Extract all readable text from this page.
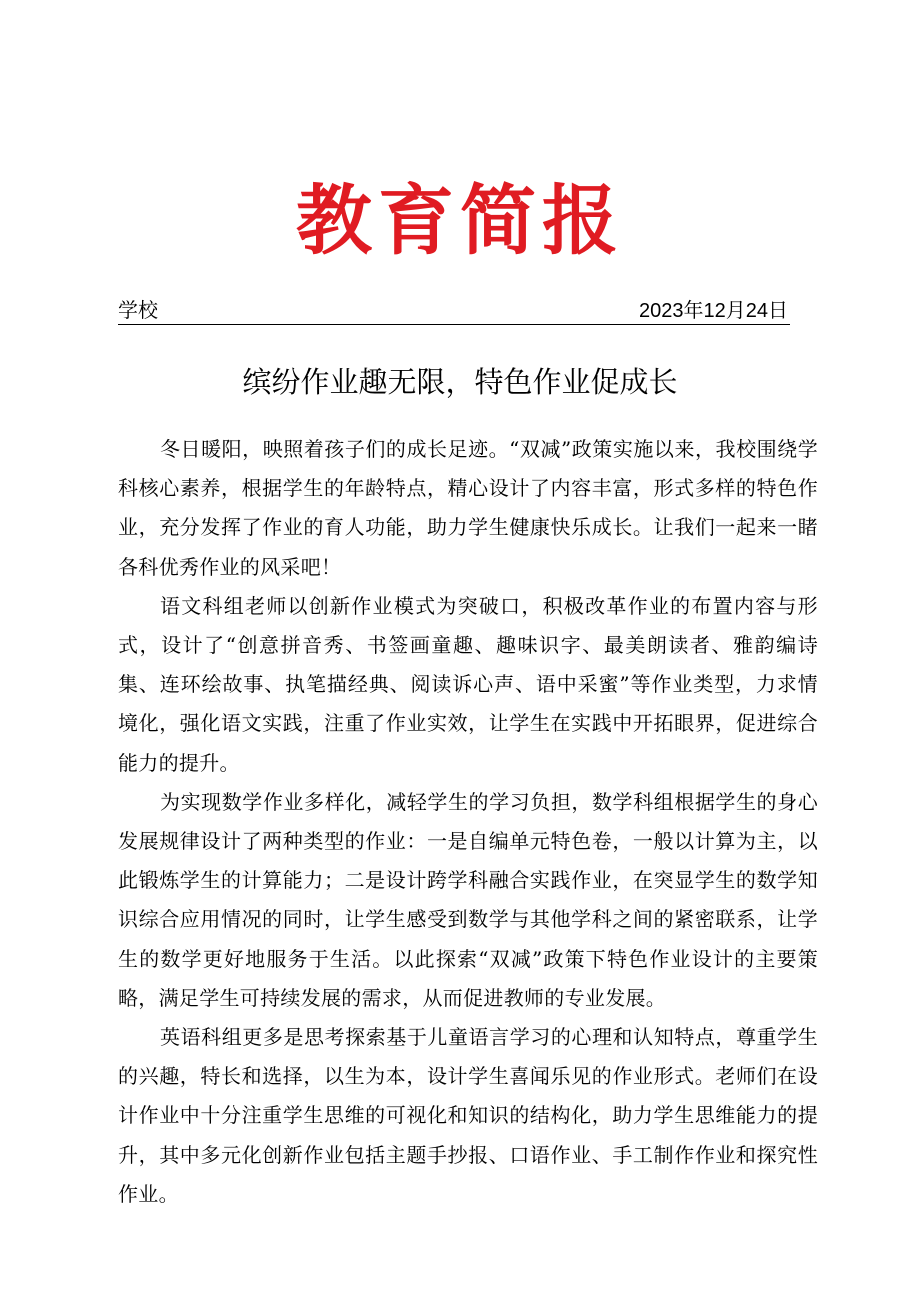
教育简报
学校	2023年12月24日
缤纷作业趣无限，特色作业促成长

冬日暖阳，映照着孩子们的成长足迹。“双减”政策实施以来，我校围绕学科核心素养，根据学生的年龄特点，精心设计了内容丰富，形式多样的特色作业，充分发挥了作业的育人功能，助力学生健康快乐成长。让我们一起来一睹各科优秀作业的风采吧！

语文科组老师以创新作业模式为突破口，积极改革作业的布置内容与形式，设计了“创意拼音秀、书签画童趣、趣味识字、最美朗读者、雅韵编诗集、连环绘故事、执笔描经典、阅读诉心声、语中采蜜”等作业类型，力求情境化，强化语文实践，注重了作业实效，让学生在实践中开拓眼界，促进综合能力的提升。

为实现数学作业多样化，减轻学生的学习负担，数学科组根据学生的身心发展规律设计了两种类型的作业：一是自编单元特色卷，一般以计算为主，以此锻炼学生的计算能力；二是设计跨学科融合实践作业，在突显学生的数学知识综合应用情况的同时，让学生感受到数学与其他学科之间的紧密联系，让学生的数学更好地服务于生活。以此探索“双减”政策下特色作业设计的主要策略，满足学生可持续发展的需求，从而促进教师的专业发展。

英语科组更多是思考探索基于儿童语言学习的心理和认知特点，尊重学生的兴趣，特长和选择，以生为本，设计学生喜闻乐见的作业形式。老师们在设计作业中十分注重学生思维的可视化和知识的结构化，助力学生思维能力的提升，其中多元化创新作业包括主题手抄报、口语作业、手工制作作业和探究性作业。
